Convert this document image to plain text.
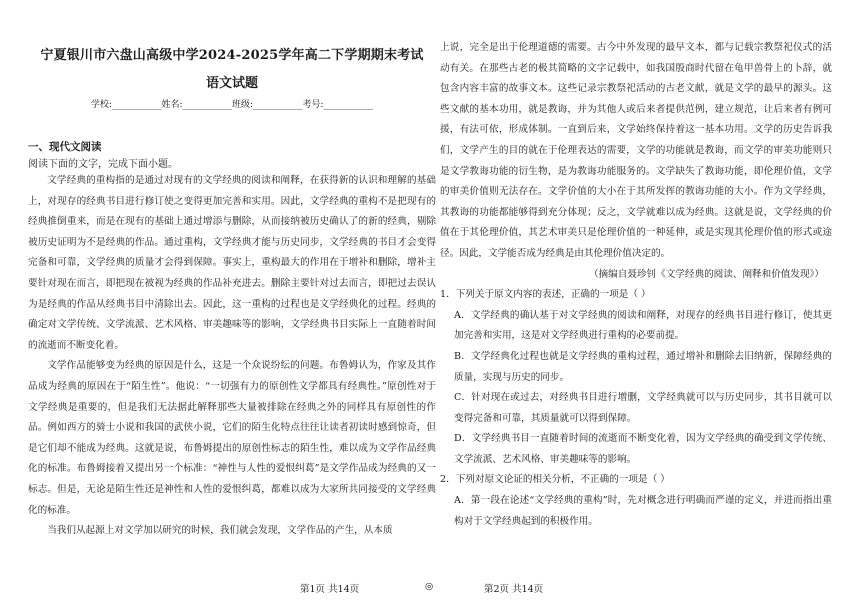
宁夏银川市六盘山高级中学2024-2025学年高二下学期期末考试
语文试题
学校:___________姓名:___________班级:___________考号:___________
一、现代文阅读
阅读下面的文字，完成下面小题。

文学经典的重构指的是通过对现有的文学经典的阅读和阐释，在获得新的认识和理解的基础上，对现存的经典书目进行修订使之变得更加完善和实用。因此，文学经典的重构不是把现有的经典推倒重来，而是在现有的基础上通过增添与删除，从而接纳被历史确认了的新的经典，剔除被历史证明为不是经典的作品。通过重构，文学经典才能与历史同步，文学经典的书目才会变得完备和可靠，文学经典的质量才会得到保障。事实上，重构最大的作用在于增补和删除，增补主要针对现在而言，即把现在被视为经典的作品补充进去。删除主要针对过去而言，即把过去误认为是经典的作品从经典书目中清除出去。因此，这一重构的过程也是文学经典化的过程。经典的确定对文学传统、文学流派、艺术风格、审美趣味等的影响，文学经典书目实际上一直随着时间的流逝而不断变化着。

文学作品能够变为经典的原因是什么，这是一个众说纷纭的问题。布鲁姆认为，作家及其作品成为经典的原因在于“陌生性”。他说：“一切强有力的原创性文学都具有经典性。”原创性对于文学经典是重要的，但是我们无法据此解释那些大量被排除在经典之外的同样具有原创性的作品。例如西方的骑士小说和我国的武侠小说，它们的陌生化特点往往让读者初读时感到惊奇，但是它们却不能成为经典。这就是说，布鲁姆提出的原创性标志的陌生性，难以成为文学作品经典化的标准。布鲁姆接着又提出另一个标准：“神性与人性的爱恨纠葛”是文学作品成为经典的又一标志。但是，无论是陌生性还是神性和人性的爱恨纠葛，都难以成为大家所共同接受的文学经典化的标准。

当我们从起源上对文学加以研究的时候，我们就会发现，文学作品的产生，从本质

上说，完全是出于伦理道德的需要。古今中外发现的最早文本，都与记载宗教祭祀仪式的活动有关。在那些古老的极其简略的文字记载中，如我国殷商时代留在龟甲兽骨上的卜辞，就包含内容丰富的故事文本。这些记录宗教祭祀活动的古老文献，就是文学的最早的源头。这些文献的基本功用，就是教诲，并为其他人或后来者提供范例，建立规范，让后来者有例可援，有法可依，形成体制。一直到后来，文学始终保持着这一基本功用。文学的历史告诉我们，文学产生的目的就在于伦理表达的需要，文学的功能就是教诲，而文学的审美功能则只是文学教诲功能的衍生物，是为教诲功能服务的。文学缺失了教诲功能，即伦理价值，文学的审美价值则无法存在。文学价值的大小在于其所发挥的教诲功能的大小。作为文学经典，其教诲的功能都能够得到充分体现；反之，文学就难以成为经典。这就是说，文学经典的价值在于其伦理价值，其艺术审美只是伦理价值的一种延伸，或是实现其伦理价值的形式或途径。因此，文学能否成为经典是由其伦理价值决定的。

（摘编自聂珍钊《文学经典的阅读、阐释和价值发现》）

1．下列关于原文内容的表述，正确的一项是（ ）

A．文学经典的确认基于对文学经典的阅读和阐释，对现存的经典书目进行修订，使其更加完善和实用，这是对文学经典进行重构的必要前提。

B．文学经典化过程也就是文学经典的重构过程，通过增补和删除去旧纳新，保障经典的质量，实现与历史的同步。

C．针对现在或过去，对经典书目进行增删，文学经典就可以与历史同步，其书目就可以变得完备和可靠，其质量就可以得到保障。

D．文学经典书目一直随着时间的流逝而不断变化着，因为文学经典的确受到文学传统、文学流派、艺术风格、审美趣味等的影响。

2．下列对原文论证的相关分析，不正确的一项是（ ）

A．第一段在论述“文学经典的重构”时，先对概念进行明确而严谨的定义，并进而指出重构对于文学经典起到的积极作用。

第1页 共14页	◎	第2页 共14页
